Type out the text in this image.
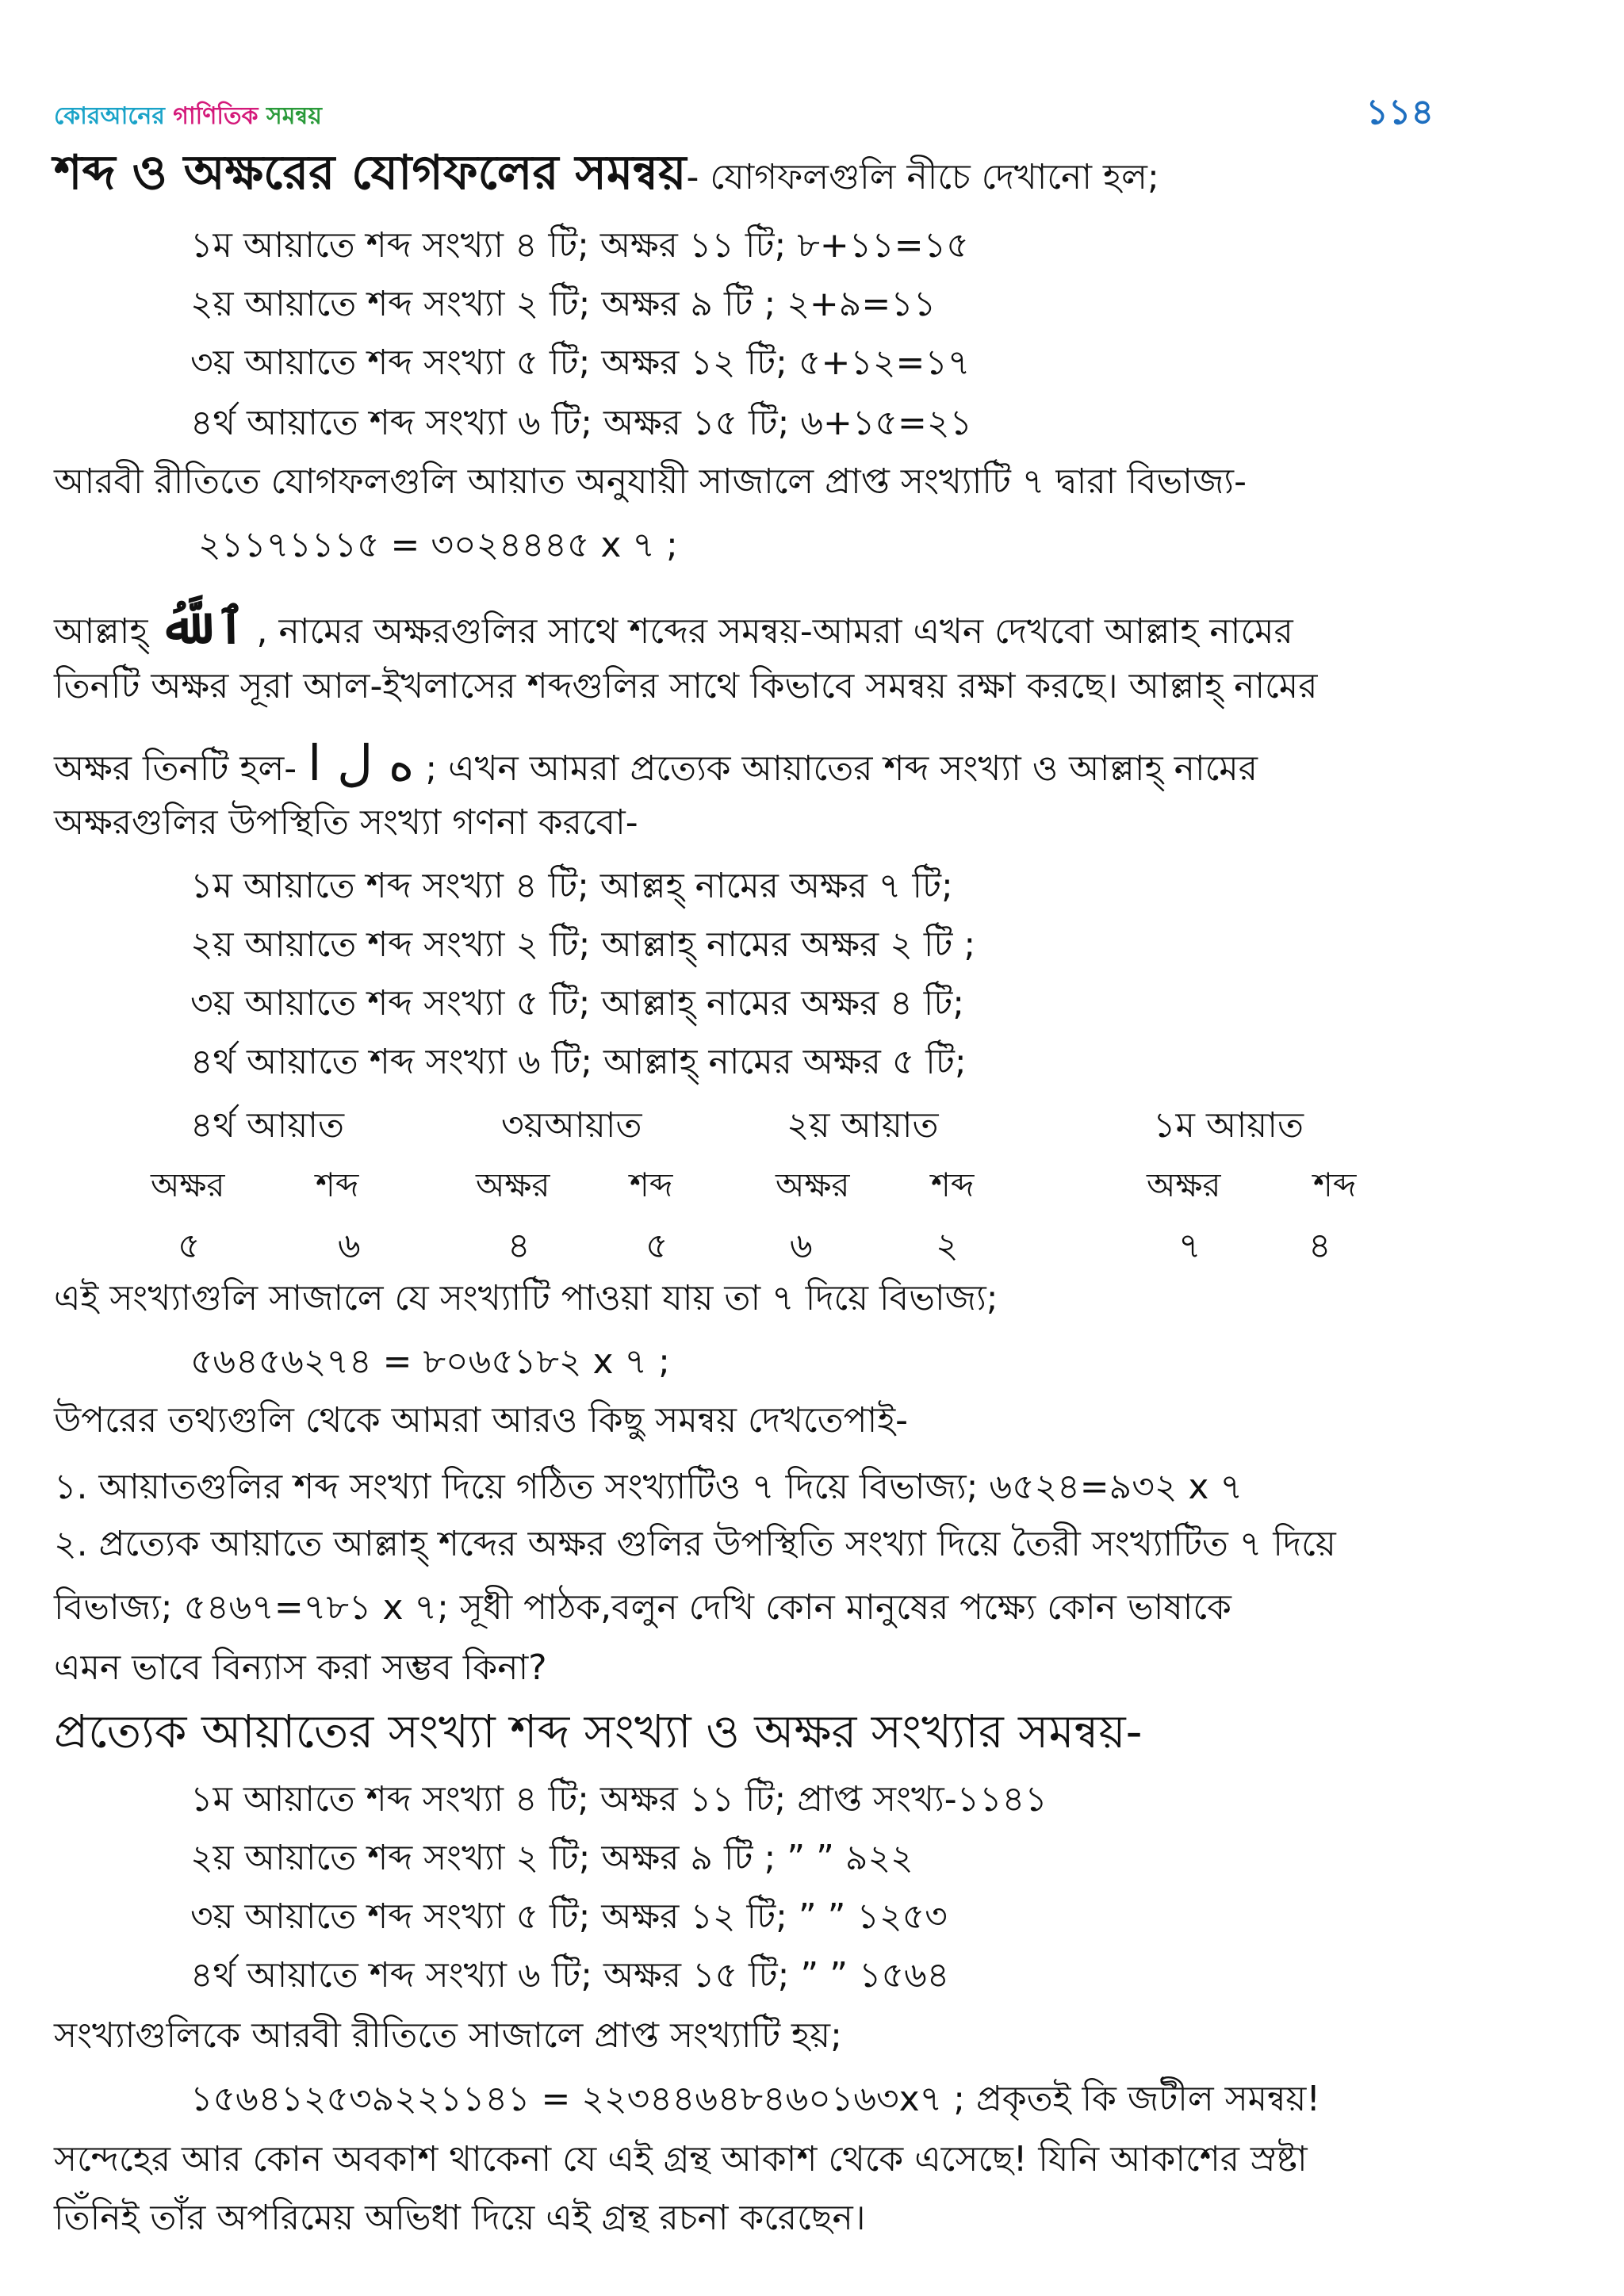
কোরআনের গাণিতিক সমন্বয়	১১৪
শব্দ ও অক্ষরের যোগফলের সমন্বয়- যোগফলগুলি নীচে দেখানো হল;
১ম আয়াতে শব্দ সংখ্যা ৪ টি; অক্ষর ১১ টি; ৮+১১=১৫
২য় আয়াতে শব্দ সংখ্যা ২ টি; অক্ষর ৯ টি ; ২+৯=১১
৩য় আয়াতে শব্দ সংখ্যা ৫ টি; অক্ষর ১২ টি; ৫+১২=১৭
৪র্থ আয়াতে শব্দ সংখ্যা ৬ টি; অক্ষর ১৫ টি; ৬+১৫=২১
আরবী রীতিতে যোগফলগুলি আয়াত অনুযায়ী সাজালে প্রাপ্ত সংখ্যাটি ৭ দ্বারা বিভাজ্য-
২১১৭১১১৫ = ৩০২৪৪৪৫ x ৭ ;
আল্লাহ্ ٱللَّهُ , নামের অক্ষরগুলির সাথে শব্দের সমন্বয়-আমরা এখন দেখবো আল্লাহ নামের
তিনটি অক্ষর সূরা আল-ইখলাসের শব্দগুলির সাথে কিভাবে সমন্বয় রক্ষা করছে। আল্লাহ্ নামের
অক্ষর তিনটি হল- ه ل ا ; এখন আমরা প্রত্যেক আয়াতের শব্দ সংখ্যা ও আল্লাহ্ নামের
অক্ষরগুলির উপস্থিতি সংখ্যা গণনা করবো-
১ম আয়াতে শব্দ সংখ্যা ৪ টি; আল্লহ্ নামের অক্ষর ৭ টি;
২য় আয়াতে শব্দ সংখ্যা ২ টি; আল্লাহ্ নামের অক্ষর ২ টি ;
৩য় আয়াতে শব্দ সংখ্যা ৫ টি; আল্লাহ্ নামের অক্ষর ৪ টি;
৪র্থ আয়াতে শব্দ সংখ্যা ৬ টি; আল্লাহ্ নামের অক্ষর ৫ টি;
৪র্থ আয়াত	৩য়আয়াত	২য় আয়াত	১ম আয়াত
অক্ষর	শব্দ	অক্ষর শব্দ	অক্ষর শব্দ	অক্ষর	শব্দ
৫	৬	৪	৫	৬	২	৭	৪
এই সংখ্যাগুলি সাজালে যে সংখ্যাটি পাওয়া যায় তা ৭ দিয়ে বিভাজ্য;
৫৬৪৫৬২৭৪ = ৮০৬৫১৮২ x ৭ ;
উপরের তথ্যগুলি থেকে আমরা আরও কিছু সমন্বয় দেখতেপাই-
১. আয়াতগুলির শব্দ সংখ্যা দিয়ে গঠিত সংখ্যাটিও ৭ দিয়ে বিভাজ্য; ৬৫২৪=৯৩২ x ৭
২. প্রত্যেক আয়াতে আল্লাহ্ শব্দের অক্ষর গুলির উপস্থিতি সংখ্যা দিয়ে তৈরী সংখ্যাটিত ৭ দিয়ে
বিভাজ্য; ৫৪৬৭=৭৮১ x ৭; সূধী পাঠক,বলুন দেখি কোন মানুষের পক্ষ্যে কোন ভাষাকে
এমন ভাবে বিন্যাস করা সম্ভব কিনা?
প্রত্যেক আয়াতের সংখ্যা শব্দ সংখ্যা ও অক্ষর সংখ্যার সমন্বয়-
১ম আয়াতে শব্দ সংখ্যা ৪ টি; অক্ষর ১১ টি; প্রাপ্ত সংখ্য-১১৪১
২য় আয়াতে শব্দ সংখ্যা ২ টি; অক্ষর ৯ টি ; ” ” ৯২২
৩য় আয়াতে শব্দ সংখ্যা ৫ টি; অক্ষর ১২ টি; ” ” ১২৫৩
৪র্থ আয়াতে শব্দ সংখ্যা ৬ টি; অক্ষর ১৫ টি; ” ” ১৫৬৪
সংখ্যাগুলিকে আরবী রীতিতে সাজালে প্রাপ্ত সংখ্যাটি হয়;
১৫৬৪১২৫৩৯২২১১৪১ = ২২৩৪৪৬৪৮৪৬০১৬৩x৭ ; প্রকৃতই কি জটীল সমন্বয়!
সন্দেহের আর কোন অবকাশ থাকেনা যে এই গ্রন্থ আকাশ থেকে এসেছে! যিনি আকাশের স্রষ্টা
তিঁনিই তাঁর অপরিমেয় অভিধা দিয়ে এই গ্রন্থ রচনা করেছেন।
